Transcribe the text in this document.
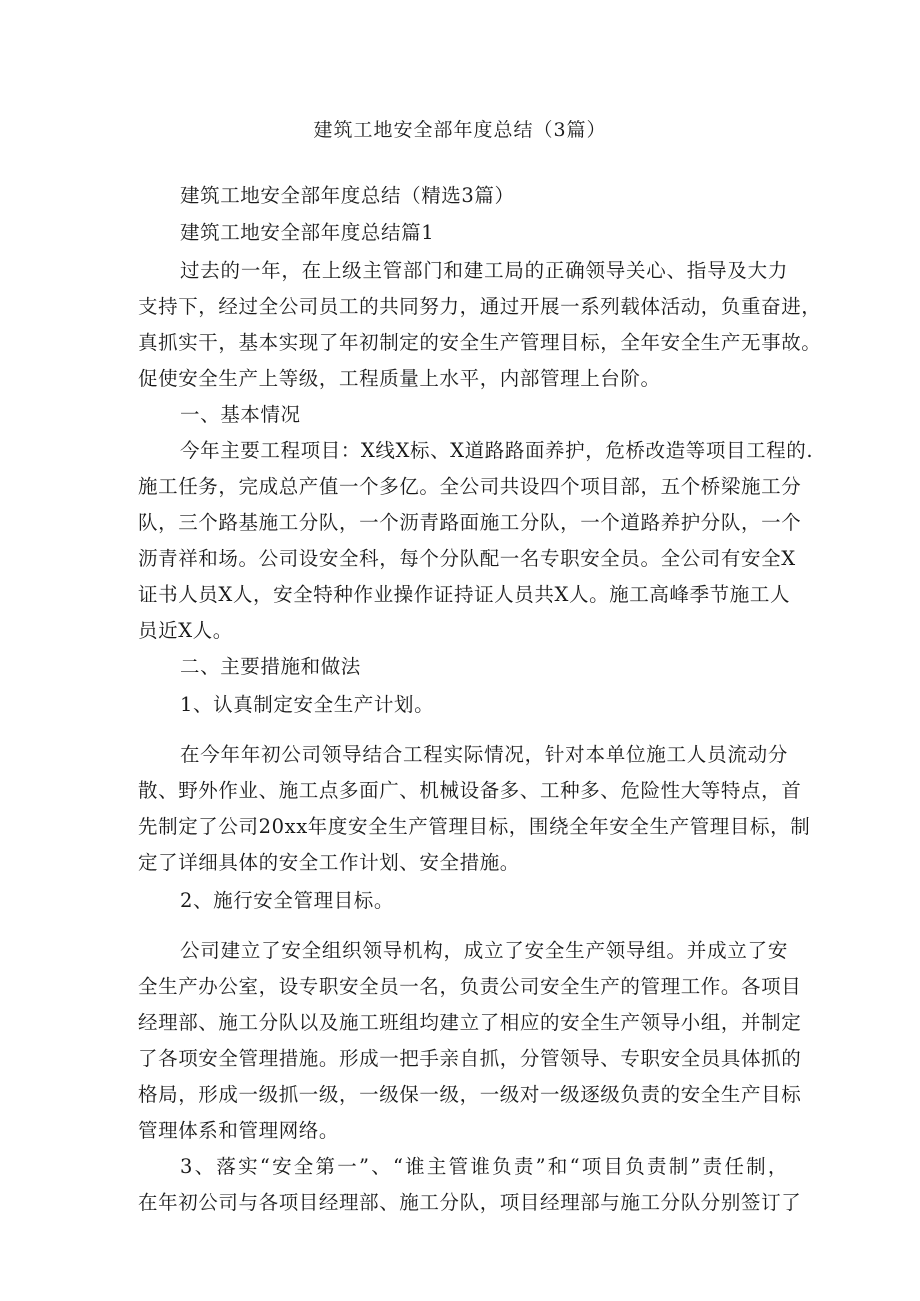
建筑工地安全部年度总结（3篇）
建筑工地安全部年度总结（精选3篇）
建筑工地安全部年度总结篇1
过去的一年，在上级主管部门和建工局的正确领导关心、指导及大力
支持下，经过全公司员工的共同努力，通过开展一系列载体活动，负重奋进，
真抓实干，基本实现了年初制定的安全生产管理目标，全年安全生产无事故。
促使安全生产上等级，工程质量上水平，内部管理上台阶。
一、基本情况
今年主要工程项目：X线X标、X道路路面养护，危桥改造等项目工程的.
施工任务，完成总产值一个多亿。全公司共设四个项目部，五个桥梁施工分
队，三个路基施工分队，一个沥青路面施工分队，一个道路养护分队，一个
沥青祥和场。公司设安全科，每个分队配一名专职安全员。全公司有安全X
证书人员X人，安全特种作业操作证持证人员共X人。施工高峰季节施工人
员近X人。
二、主要措施和做法
1、认真制定安全生产计划。
在今年年初公司领导结合工程实际情况，针对本单位施工人员流动分
散、野外作业、施工点多面广、机械设备多、工种多、危险性大等特点，首
先制定了公司20xx年度安全生产管理目标，围绕全年安全生产管理目标，制
定了详细具体的安全工作计划、安全措施。
2、施行安全管理目标。
公司建立了安全组织领导机构，成立了安全生产领导组。并成立了安
全生产办公室，设专职安全员一名，负责公司安全生产的管理工作。各项目
经理部、施工分队以及施工班组均建立了相应的安全生产领导小组，并制定
了各项安全管理措施。形成一把手亲自抓，分管领导、专职安全员具体抓的
格局，形成一级抓一级，一级保一级，一级对一级逐级负责的安全生产目标
管理体系和管理网络。
3、落实“安全第一”、“谁主管谁负责”和“项目负责制”责任制，
在年初公司与各项目经理部、施工分队，项目经理部与施工分队分别签订了
